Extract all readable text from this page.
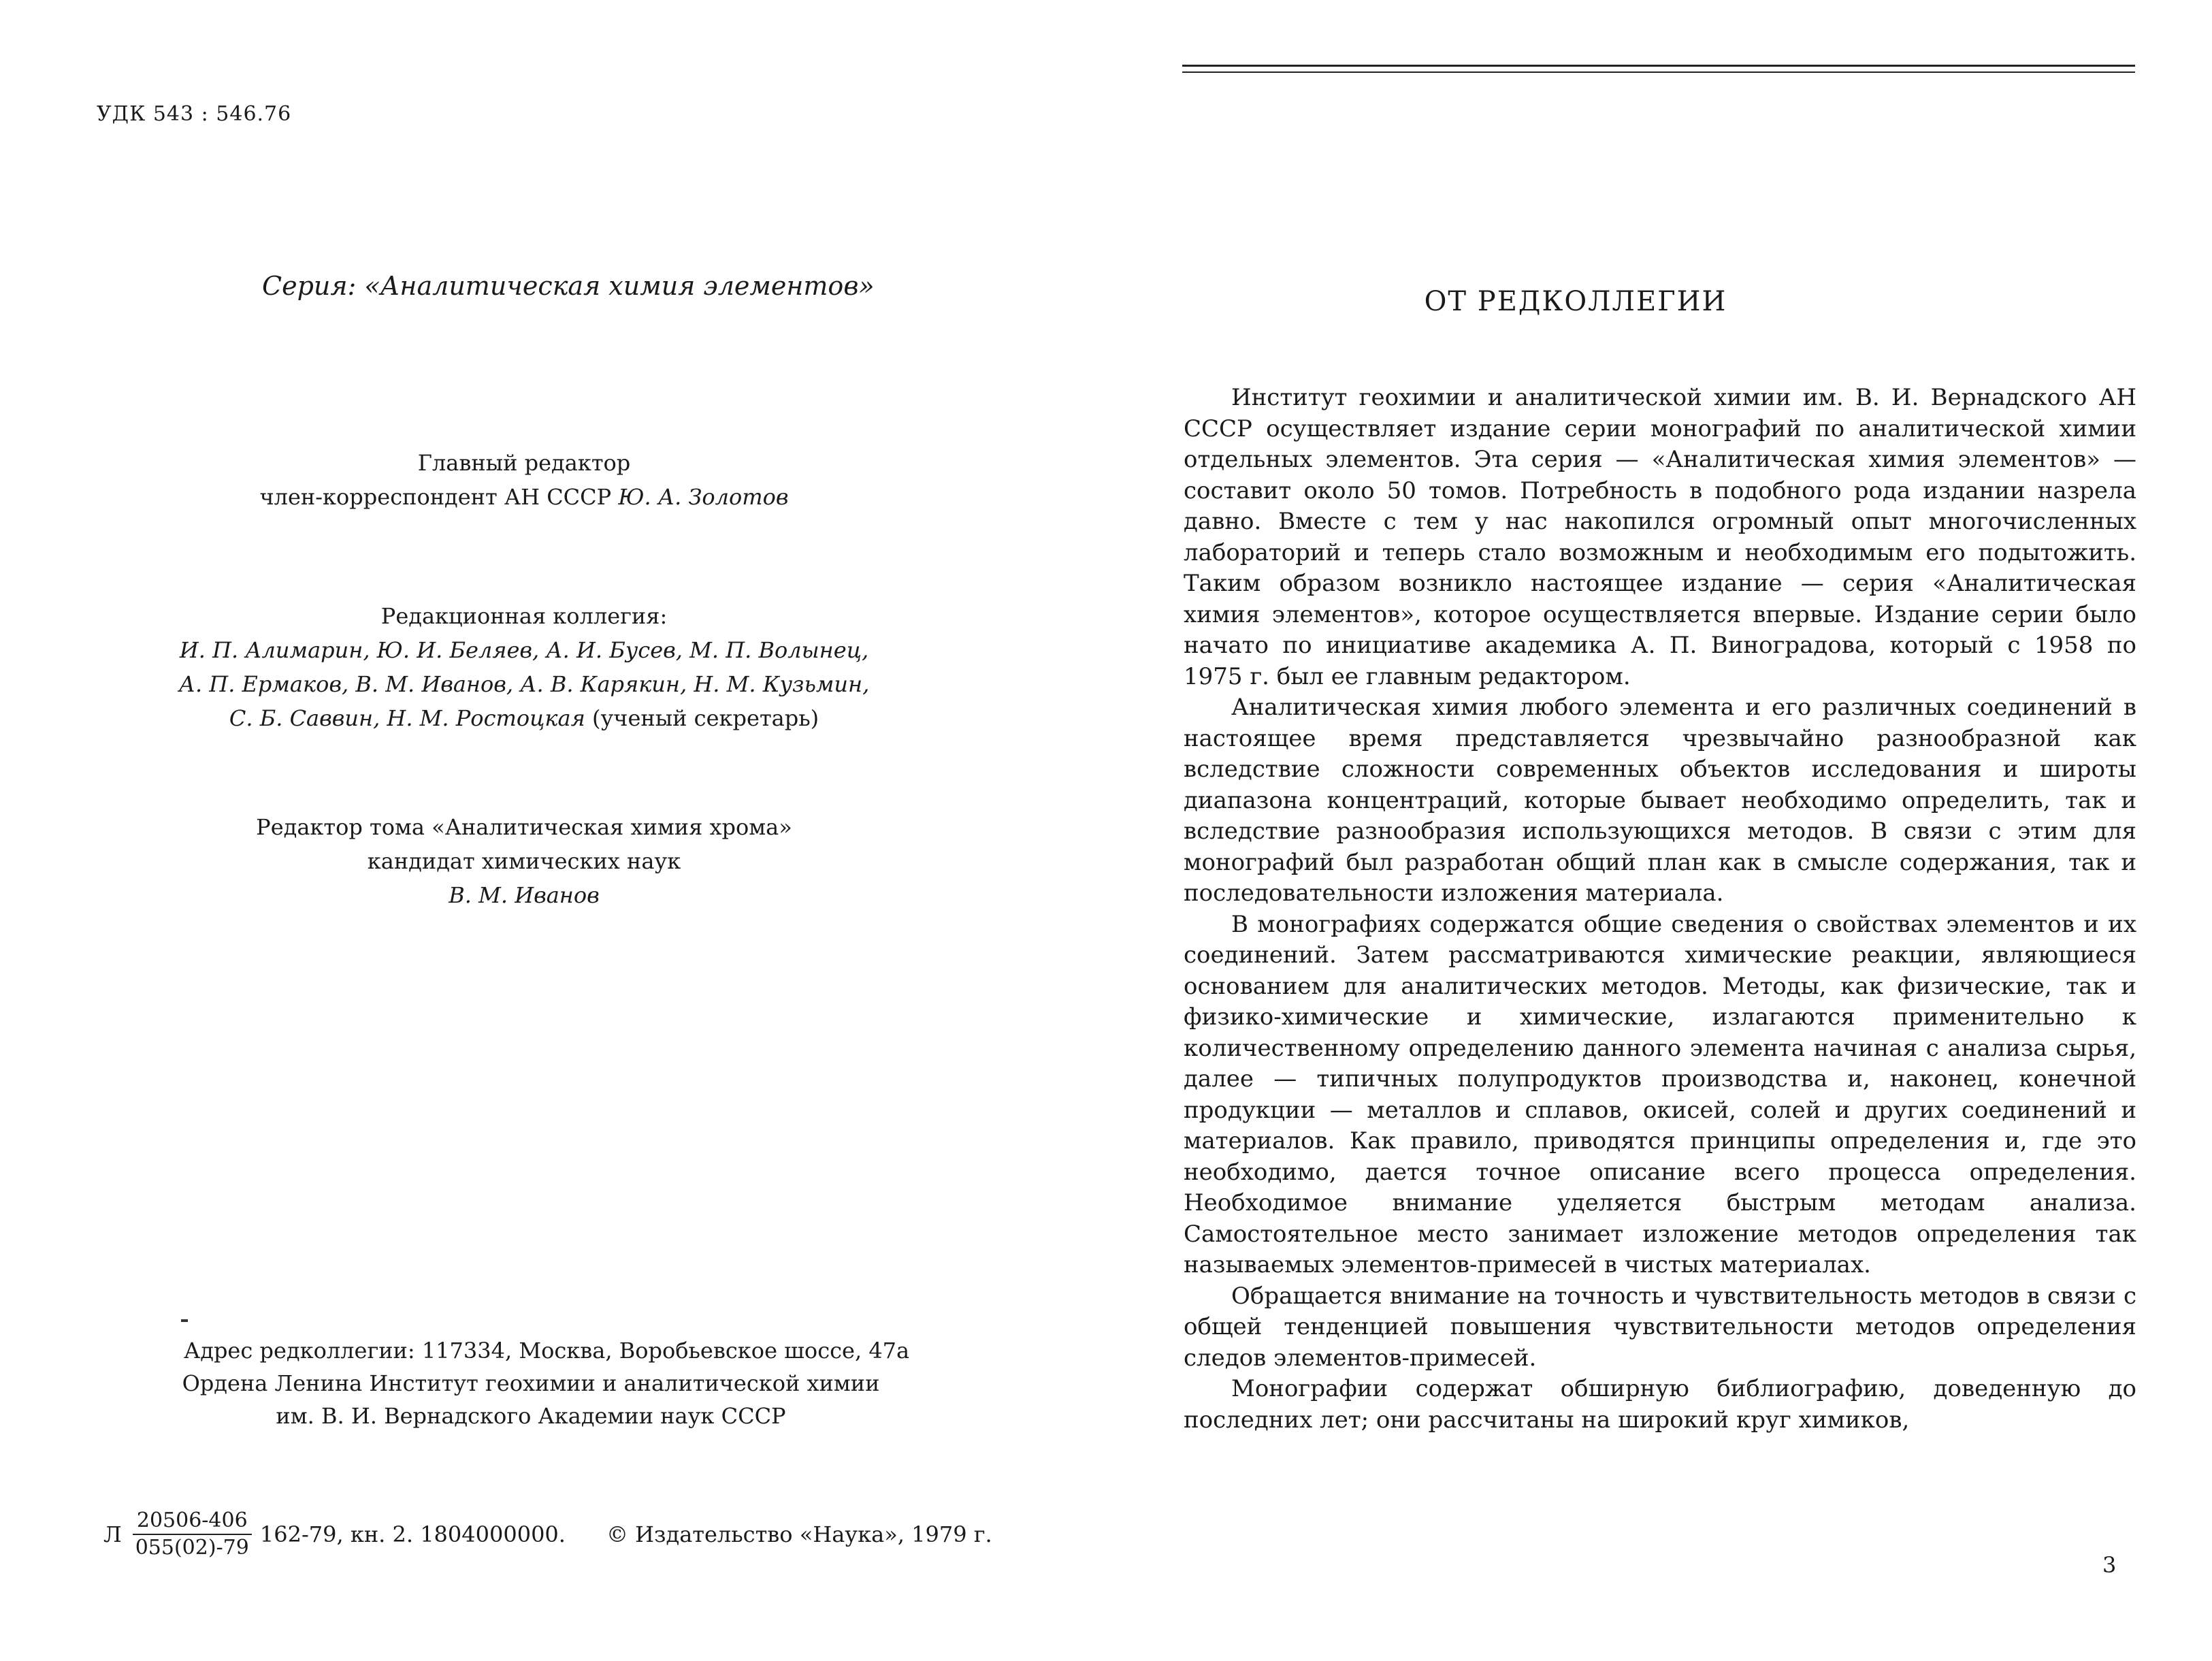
УДК 543 : 546.76
Серия: «Аналитическая химия элементов»
Главный редактор
член-корреспондент АН СССР Ю. А. Золотов
Редакционная коллегия:
И. П. Алимарин, Ю. И. Беляев, А. И. Бусев, М. П. Волынец,
А. П. Ермаков, В. М. Иванов, А. В. Карякин, Н. М. Кузьмин,
С. Б. Саввин, Н. М. Ростоцкая (ученый секретарь)
Редактор тома «Аналитическая химия хрома»
кандидат химических наук
В. М. Иванов
Адрес редколлегии: 117334, Москва, Воробьевское шоссе, 47а
Ордена Ленина Институт геохимии и аналитической химии
им. В. И. Вернадского Академии наук СССР
Л $\frac{20506-406}{055(02)-79} 162-79$, кн. 2. 1804000000. © Издательство «Наука», 1979 г.
ОТ РЕДКОЛЛЕГИИ

Институт геохимии и аналитической химии им. В. И. Вернадского АН СССР осуществляет издание серии монографий по аналитической химии отдельных элементов. Эта серия — «Аналитическая химия элементов» — составит около 50 томов. Потребность в подобного рода издании назрела давно. Вместе с тем у нас накопился огромный опыт многочисленных лабораторий и теперь стало возможным и необходимым его подытожить. Таким образом возникло настоящее издание — серия «Аналитическая химия элементов», которое осуществляется впервые. Издание серии было начато по инициативе академика А. П. Виноградова, который с 1958 по 1975 г. был ее главным редактором.

Аналитическая химия любого элемента и его различных соединений в настоящее время представляется чрезвычайно разнообразной как вследствие сложности современных объектов исследования и широты диапазона концентраций, которые бывает необходимо определить, так и вследствие разнообразия использующихся методов. В связи с этим для монографий был разработан общий план как в смысле содержания, так и последовательности изложения материала.

В монографиях содержатся общие сведения о свойствах элементов и их соединений. Затем рассматриваются химические реакции, являющиеся основанием для аналитических методов. Методы, как физические, так и физико-химические и химические, излагаются применительно к количественному определению данного элемента начиная с анализа сырья, далее — типичных полупродуктов производства и, наконец, конечной продукции — металлов и сплавов, окисей, солей и других соединений и материалов. Как правило, приводятся принципы определения и, где это необходимо, дается точное описание всего процесса определения. Необходимое внимание уделяется быстрым методам анализа. Самостоятельное место занимает изложение методов определения так называемых элементов-примесей в чистых материалах.

Обращается внимание на точность и чувствительность методов в связи с общей тенденцией повышения чувствительности методов определения следов элементов-примесей.

Монографии содержат обширную библиографию, доведенную до последних лет; они рассчитаны на широкий круг химиков,

3
